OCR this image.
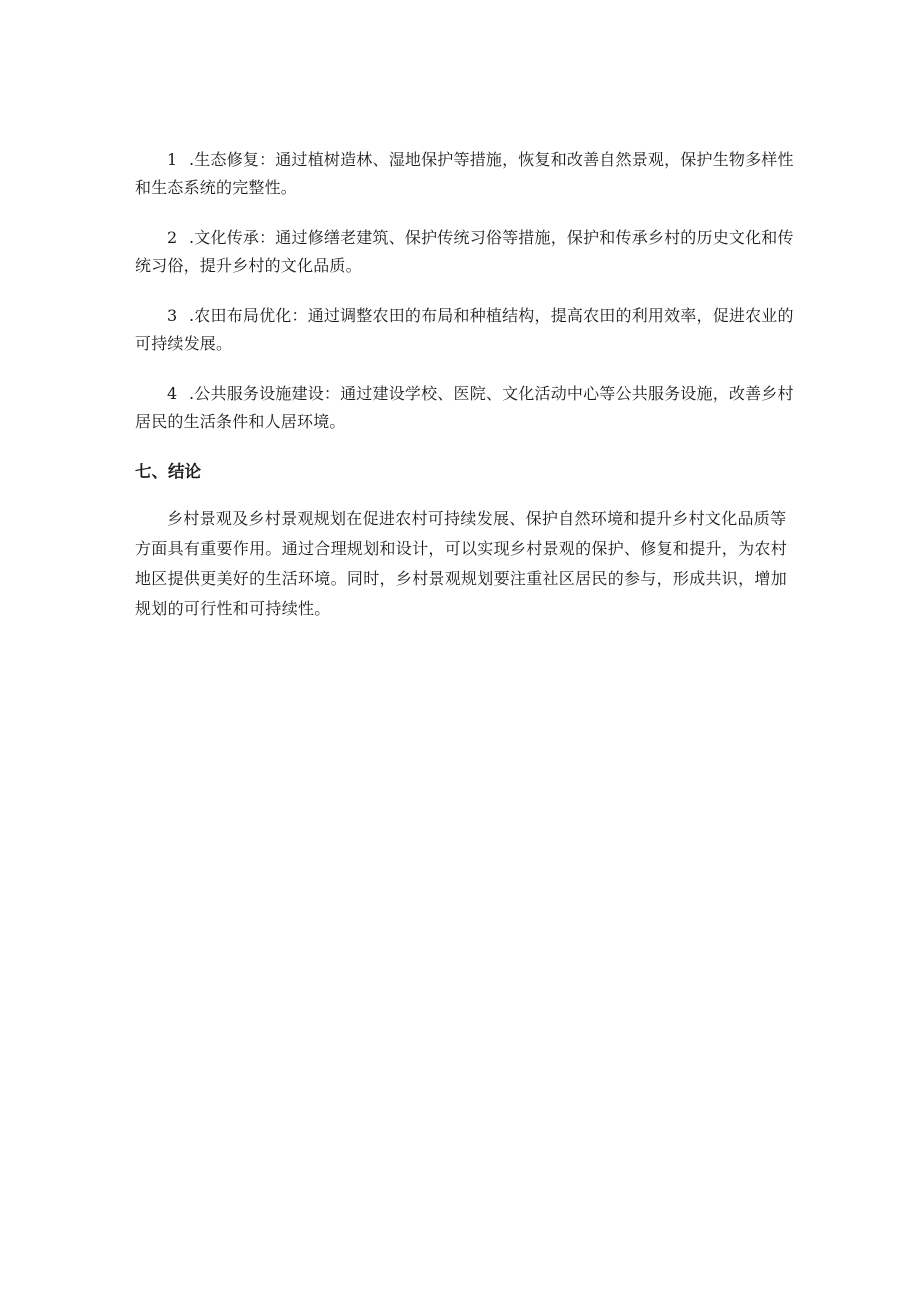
1 .生态修复：通过植树造林、湿地保护等措施，恢复和改善自然景观，保护生物多样性和生态系统的完整性。

2 .文化传承：通过修缮老建筑、保护传统习俗等措施，保护和传承乡村的历史文化和传统习俗，提升乡村的文化品质。

3 .农田布局优化：通过调整农田的布局和种植结构，提高农田的利用效率，促进农业的可持续发展。

4 .公共服务设施建设：通过建设学校、医院、文化活动中心等公共服务设施，改善乡村居民的生活条件和人居环境。

七、结论

乡村景观及乡村景观规划在促进农村可持续发展、保护自然环境和提升乡村文化品质等方面具有重要作用。通过合理规划和设计，可以实现乡村景观的保护、修复和提升，为农村地区提供更美好的生活环境。同时，乡村景观规划要注重社区居民的参与，形成共识，增加规划的可行性和可持续性。
